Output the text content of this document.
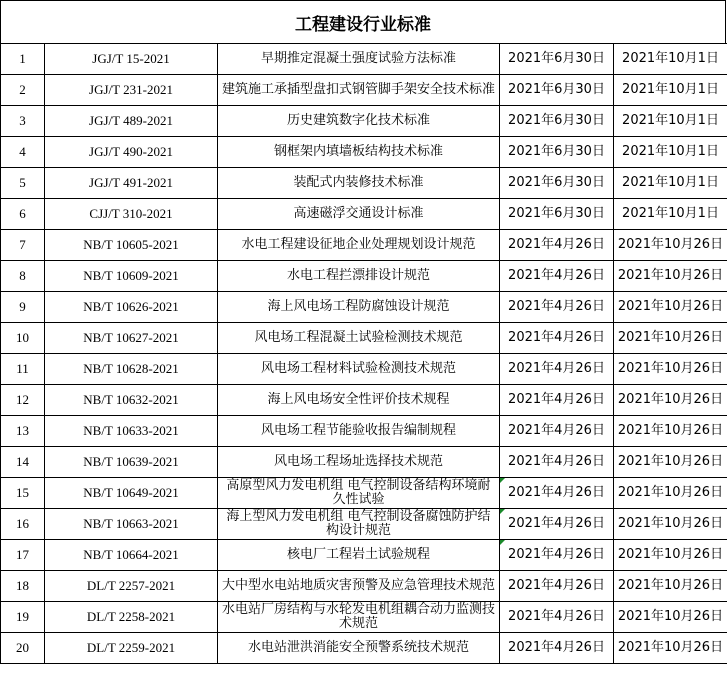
工程建设行业标准
1	JGJ/T 15-2021	早期推定混凝土强度试验方法标准	2021年6月30日	2021年10月1日
2	JGJ/T 231-2021	建筑施工承插型盘扣式钢管脚手架安全技术标准	2021年6月30日	2021年10月1日
3	JGJ/T 489-2021	历史建筑数字化技术标准	2021年6月30日	2021年10月1日
4	JGJ/T 490-2021	钢框架内填墙板结构技术标准	2021年6月30日	2021年10月1日
5	JGJ/T 491-2021	装配式内装修技术标准	2021年6月30日	2021年10月1日
6	CJJ/T 310-2021	高速磁浮交通设计标准	2021年6月30日	2021年10月1日
7	NB/T 10605-2021	水电工程建设征地企业处理规划设计规范	2021年4月26日	2021年10月26日
8	NB/T 10609-2021	水电工程拦漂排设计规范	2021年4月26日	2021年10月26日
9	NB/T 10626-2021	海上风电场工程防腐蚀设计规范	2021年4月26日	2021年10月26日
10	NB/T 10627-2021	风电场工程混凝土试验检测技术规范	2021年4月26日	2021年10月26日
11	NB/T 10628-2021	风电场工程材料试验检测技术规范	2021年4月26日	2021年10月26日
12	NB/T 10632-2021	海上风电场安全性评价技术规程	2021年4月26日	2021年10月26日
13	NB/T 10633-2021	风电场工程节能验收报告编制规程	2021年4月26日	2021年10月26日
14	NB/T 10639-2021	风电场工程场址选择技术规范	2021年4月26日	2021年10月26日
15	NB/T 10649-2021	高原型风力发电机组 电气控制设备结构环境耐久性试验	2021年4月26日	2021年10月26日
16	NB/T 10663-2021	海上型风力发电机组 电气控制设备腐蚀防护结构设计规范	2021年4月26日	2021年10月26日
17	NB/T 10664-2021	核电厂工程岩土试验规程	2021年4月26日	2021年10月26日
18	DL/T 2257-2021	大中型水电站地质灾害预警及应急管理技术规范	2021年4月26日	2021年10月26日
19	DL/T 2258-2021	水电站厂房结构与水轮发电机组耦合动力监测技术规范	2021年4月26日	2021年10月26日
20	DL/T 2259-2021	水电站泄洪消能安全预警系统技术规范	2021年4月26日	2021年10月26日
